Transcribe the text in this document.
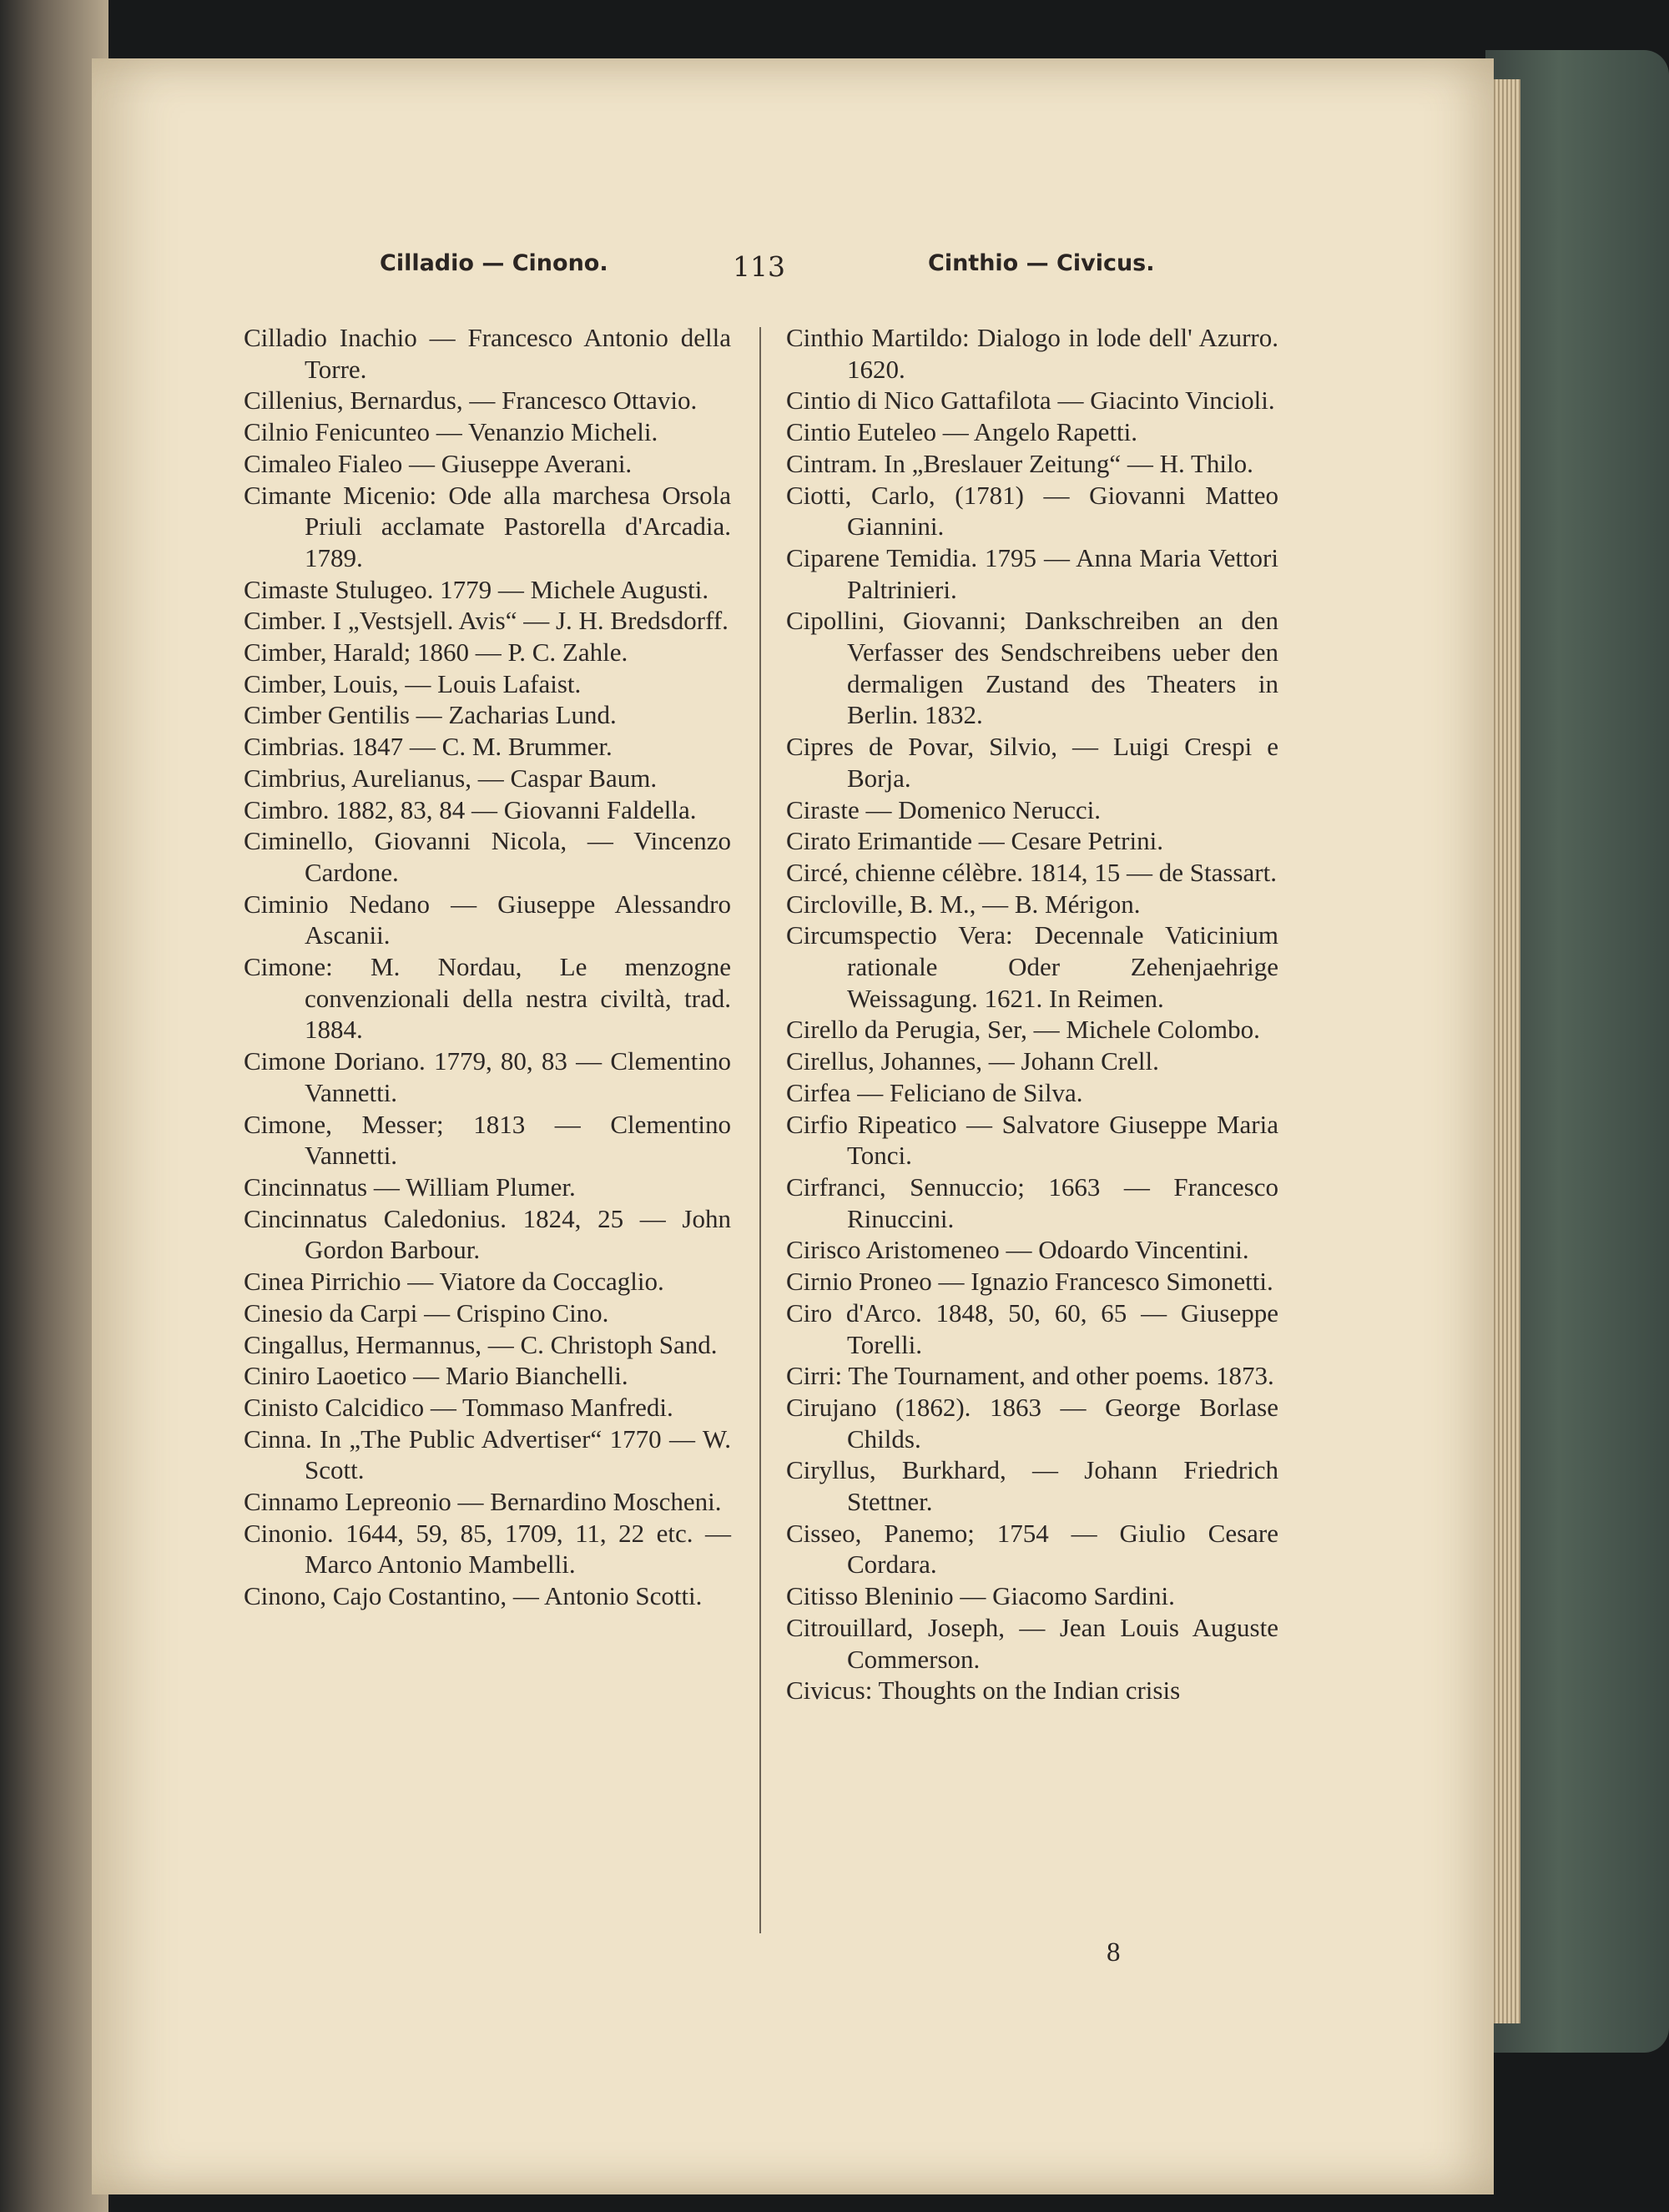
Cilladio — Cinono.	113	Cinthio — Civicus.
Cilladio Inachio — Francesco Antonio della Torre.
Cillenius, Bernardus, — Francesco Ottavio.
Cilnio Fenicunteo — Venanzio Micheli.
Cimaleo Fialeo — Giuseppe Averani.
Cimante Micenio: Ode alla marchesa Orsola Priuli acclamate Pastorella d'Arcadia. 1789.
Cimaste Stulugeo. 1779 — Michele Augusti.
Cimber. I „Vestsjell. Avis“ — J. H. Bredsdorff.
Cimber, Harald; 1860 — P. C. Zahle.
Cimber, Louis, — Louis Lafaist.
Cimber Gentilis — Zacharias Lund.
Cimbrias. 1847 — C. M. Brummer.
Cimbrius, Aurelianus, — Caspar Baum.
Cimbro. 1882, 83, 84 — Giovanni Faldella.
Ciminello, Giovanni Nicola, — Vincenzo Cardone.
Ciminio Nedano — Giuseppe Alessandro Ascanii.
Cimone: M. Nordau, Le menzogne convenzionali della nestra civiltà, trad. 1884.
Cimone Doriano. 1779, 80, 83 — Clementino Vannetti.
Cimone, Messer; 1813 — Clementino Vannetti.
Cincinnatus — William Plumer.
Cincinnatus Caledonius. 1824, 25 — John Gordon Barbour.
Cinea Pirrichio — Viatore da Coccaglio.
Cinesio da Carpi — Crispino Cino.
Cingallus, Hermannus, — C. Christoph Sand.
Ciniro Laoetico — Mario Bianchelli.
Cinisto Calcidico — Tommaso Manfredi.
Cinna. In „The Public Advertiser“ 1770 — W. Scott.
Cinnamo Lepreonio — Bernardino Moscheni.
Cinonio. 1644, 59, 85, 1709, 11, 22 etc. — Marco Antonio Mambelli.
Cinono, Cajo Costantino, — Antonio Scotti.
Cinthio Martildo: Dialogo in lode dell' Azurro. 1620.
Cintio di Nico Gattafilota — Giacinto Vincioli.
Cintio Euteleo — Angelo Rapetti.
Cintram. In „Breslauer Zeitung“ — H. Thilo.
Ciotti, Carlo, (1781) — Giovanni Matteo Giannini.
Ciparene Temidia. 1795 — Anna Maria Vettori Paltrinieri.
Cipollini, Giovanni; Dankschreiben an den Verfasser des Sendschreibens ueber den dermaligen Zustand des Theaters in Berlin. 1832.
Cipres de Povar, Silvio, — Luigi Crespi e Borja.
Ciraste — Domenico Nerucci.
Cirato Erimantide — Cesare Petrini.
Circé, chienne célèbre. 1814, 15 — de Stassart.
Circloville, B. M., — B. Mérigon.
Circumspectio Vera: Decennale Vaticinium rationale Oder Zehenjaehrige Weissagung. 1621. In Reimen.
Cirello da Perugia, Ser, — Michele Colombo.
Cirellus, Johannes, — Johann Crell.
Cirfea — Feliciano de Silva.
Cirfio Ripeatico — Salvatore Giuseppe Maria Tonci.
Cirfranci, Sennuccio; 1663 — Francesco Rinuccini.
Cirisco Aristomeneo — Odoardo Vincentini.
Cirnio Proneo — Ignazio Francesco Simonetti.
Ciro d'Arco. 1848, 50, 60, 65 — Giuseppe Torelli.
Cirri: The Tournament, and other poems. 1873.
Cirujano (1862). 1863 — George Borlase Childs.
Ciryllus, Burkhard, — Johann Friedrich Stettner.
Cisseo, Panemo; 1754 — Giulio Cesare Cordara.
Citisso Bleninio — Giacomo Sardini.
Citrouillard, Joseph, — Jean Louis Auguste Commerson.
Civicus: Thoughts on the Indian crisis
8
